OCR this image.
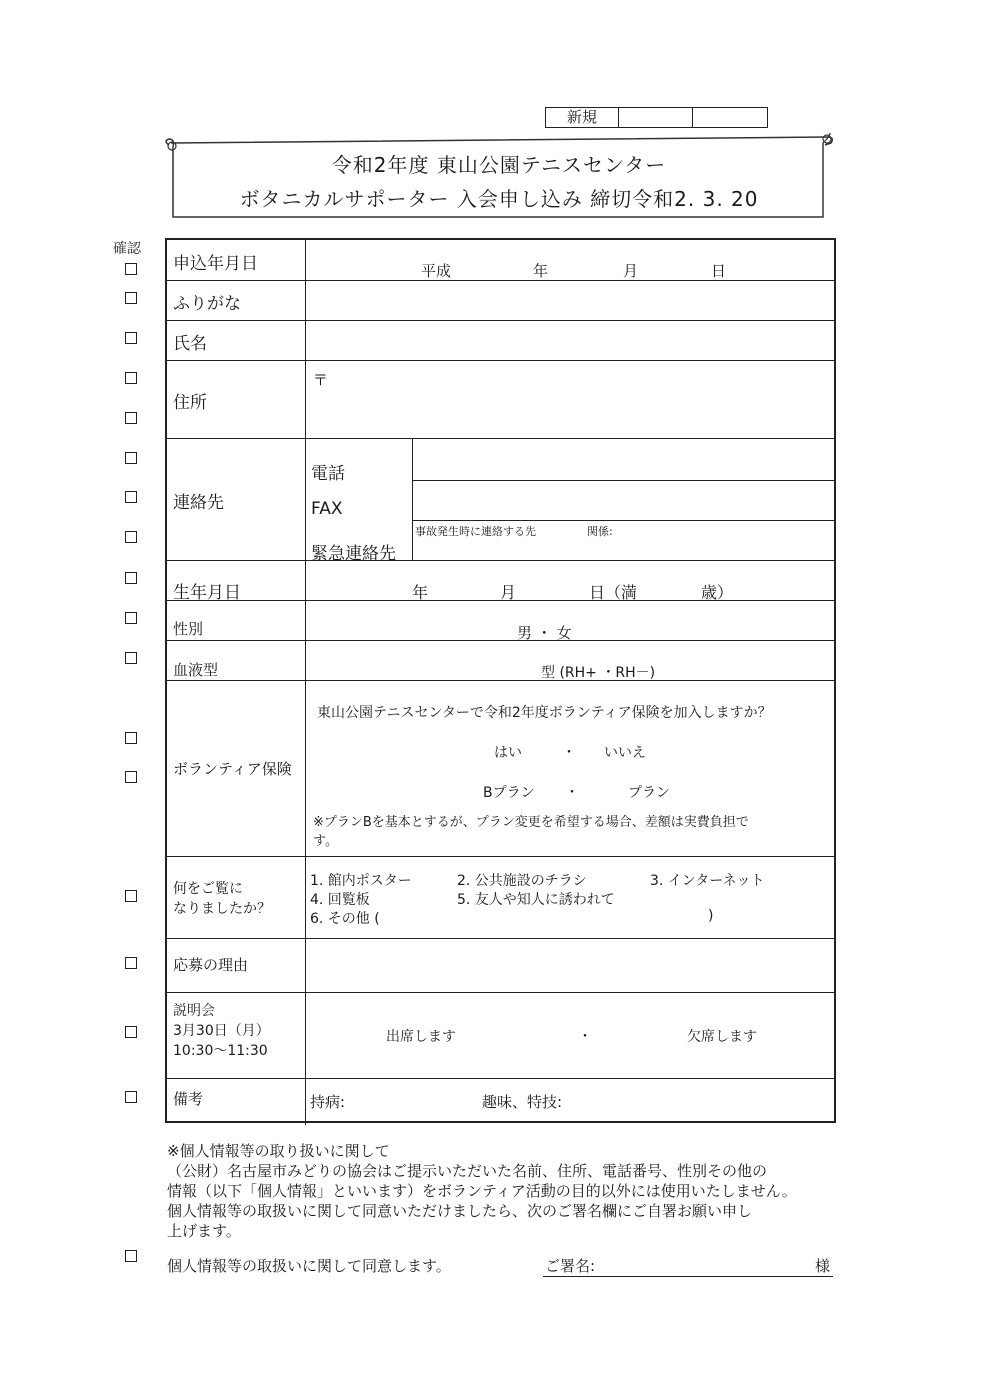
新規
令和2年度 東山公園テニスセンター
ボタニカルサポーター 入会申し込み 締切令和2. 3. 20
確認
申込年月日	平成	年	月	日
ふりがな
氏名
住所
〒
連絡先
電話
FAX
緊急連絡先
事故発生時に連絡する先	関係:
生年月日	年	月	日（満	歳）
性別	男 ・ 女
血液型	型 (RH+ ・RH－)
ボランティア保険
東山公園テニスセンターで令和2年度ボランティア保険を加入しますか？
はい	・ いいえ
Bプラン ・	プラン
※プランBを基本とするが、プラン変更を希望する場合、差額は実費負担で
す。
何をご覧に
なりましたか？
1. 館内ポスター	2. 公共施設のチラシ	3. インターネット
4. 回覧板	5. 友人や知人に誘われて
6. その他 (	)
応募の理由
説明会
3月30日（月）
10:30～11:30
出席します	・	欠席します
備考	持病:	趣味、特技:
※個人情報等の取り扱いに関して
（公財）名古屋市みどりの協会はご提示いただいた名前、住所、電話番号、性別その他の
情報（以下「個人情報」といいます）をボランティア活動の目的以外には使用いたしません。
個人情報等の取扱いに関して同意いただけましたら、次のご署名欄にご自署お願い申し
上げます。
個人情報等の取扱いに関して同意します。	ご署名:	様
